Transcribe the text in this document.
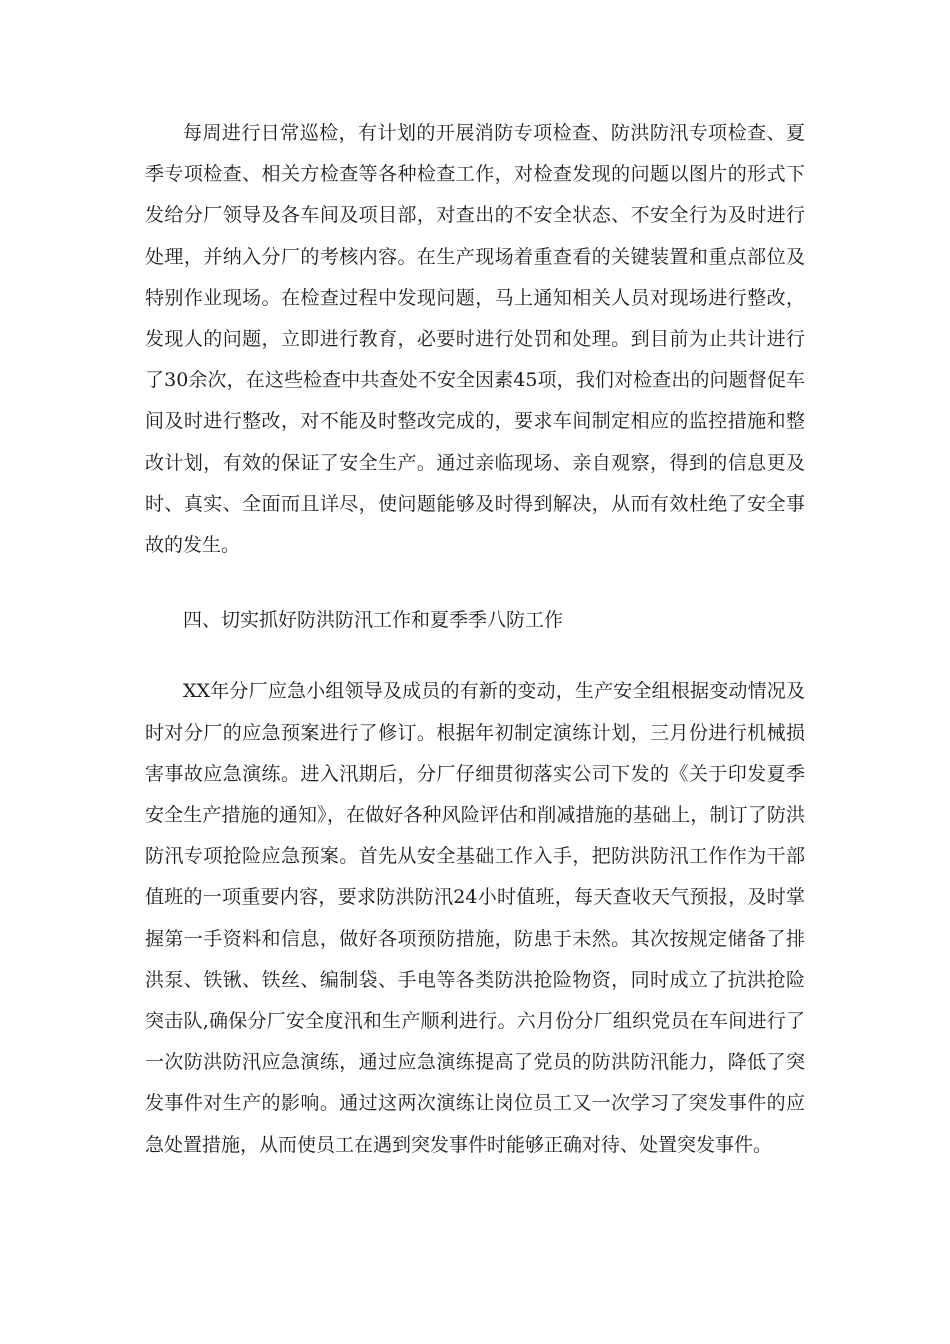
每周进行日常巡检，有计划的开展消防专项检查、防洪防汛专项检查、夏季专项检查、相关方检查等各种检查工作，对检查发现的问题以图片的形式下发给分厂领导及各车间及项目部，对查出的不安全状态、不安全行为及时进行处理，并纳入分厂的考核内容。在生产现场着重查看的关键装置和重点部位及特别作业现场。在检查过程中发现问题，马上通知相关人员对现场进行整改，发现人的问题，立即进行教育，必要时进行处罚和处理。到目前为止共计进行了30余次，在这些检查中共查处不安全因素45项，我们对检查出的问题督促车间及时进行整改，对不能及时整改完成的，要求车间制定相应的监控措施和整改计划，有效的保证了安全生产。通过亲临现场、亲自观察，得到的信息更及时、真实、全面而且详尽，使问题能够及时得到解决，从而有效杜绝了安全事故的发生。

四、切实抓好防洪防汛工作和夏季季八防工作

XX年分厂应急小组领导及成员的有新的变动，生产安全组根据变动情况及时对分厂的应急预案进行了修订。根据年初制定演练计划，三月份进行机械损害事故应急演练。进入汛期后，分厂仔细贯彻落实公司下发的《关于印发夏季安全生产措施的通知》，在做好各种风险评估和削减措施的基础上，制订了防洪防汛专项抢险应急预案。首先从安全基础工作入手，把防洪防汛工作作为干部值班的一项重要内容，要求防洪防汛24小时值班，每天查收天气预报，及时掌握第一手资料和信息，做好各项预防措施，防患于未然。其次按规定储备了排洪泵、铁锹、铁丝、编制袋、手电等各类防洪抢险物资，同时成立了抗洪抢险突击队,确保分厂安全度汛和生产顺利进行。六月份分厂组织党员在车间进行了一次防洪防汛应急演练，通过应急演练提高了党员的防洪防汛能力，降低了突发事件对生产的影响。通过这两次演练让岗位员工又一次学习了突发事件的应急处置措施，从而使员工在遇到突发事件时能够正确对待、处置突发事件。
